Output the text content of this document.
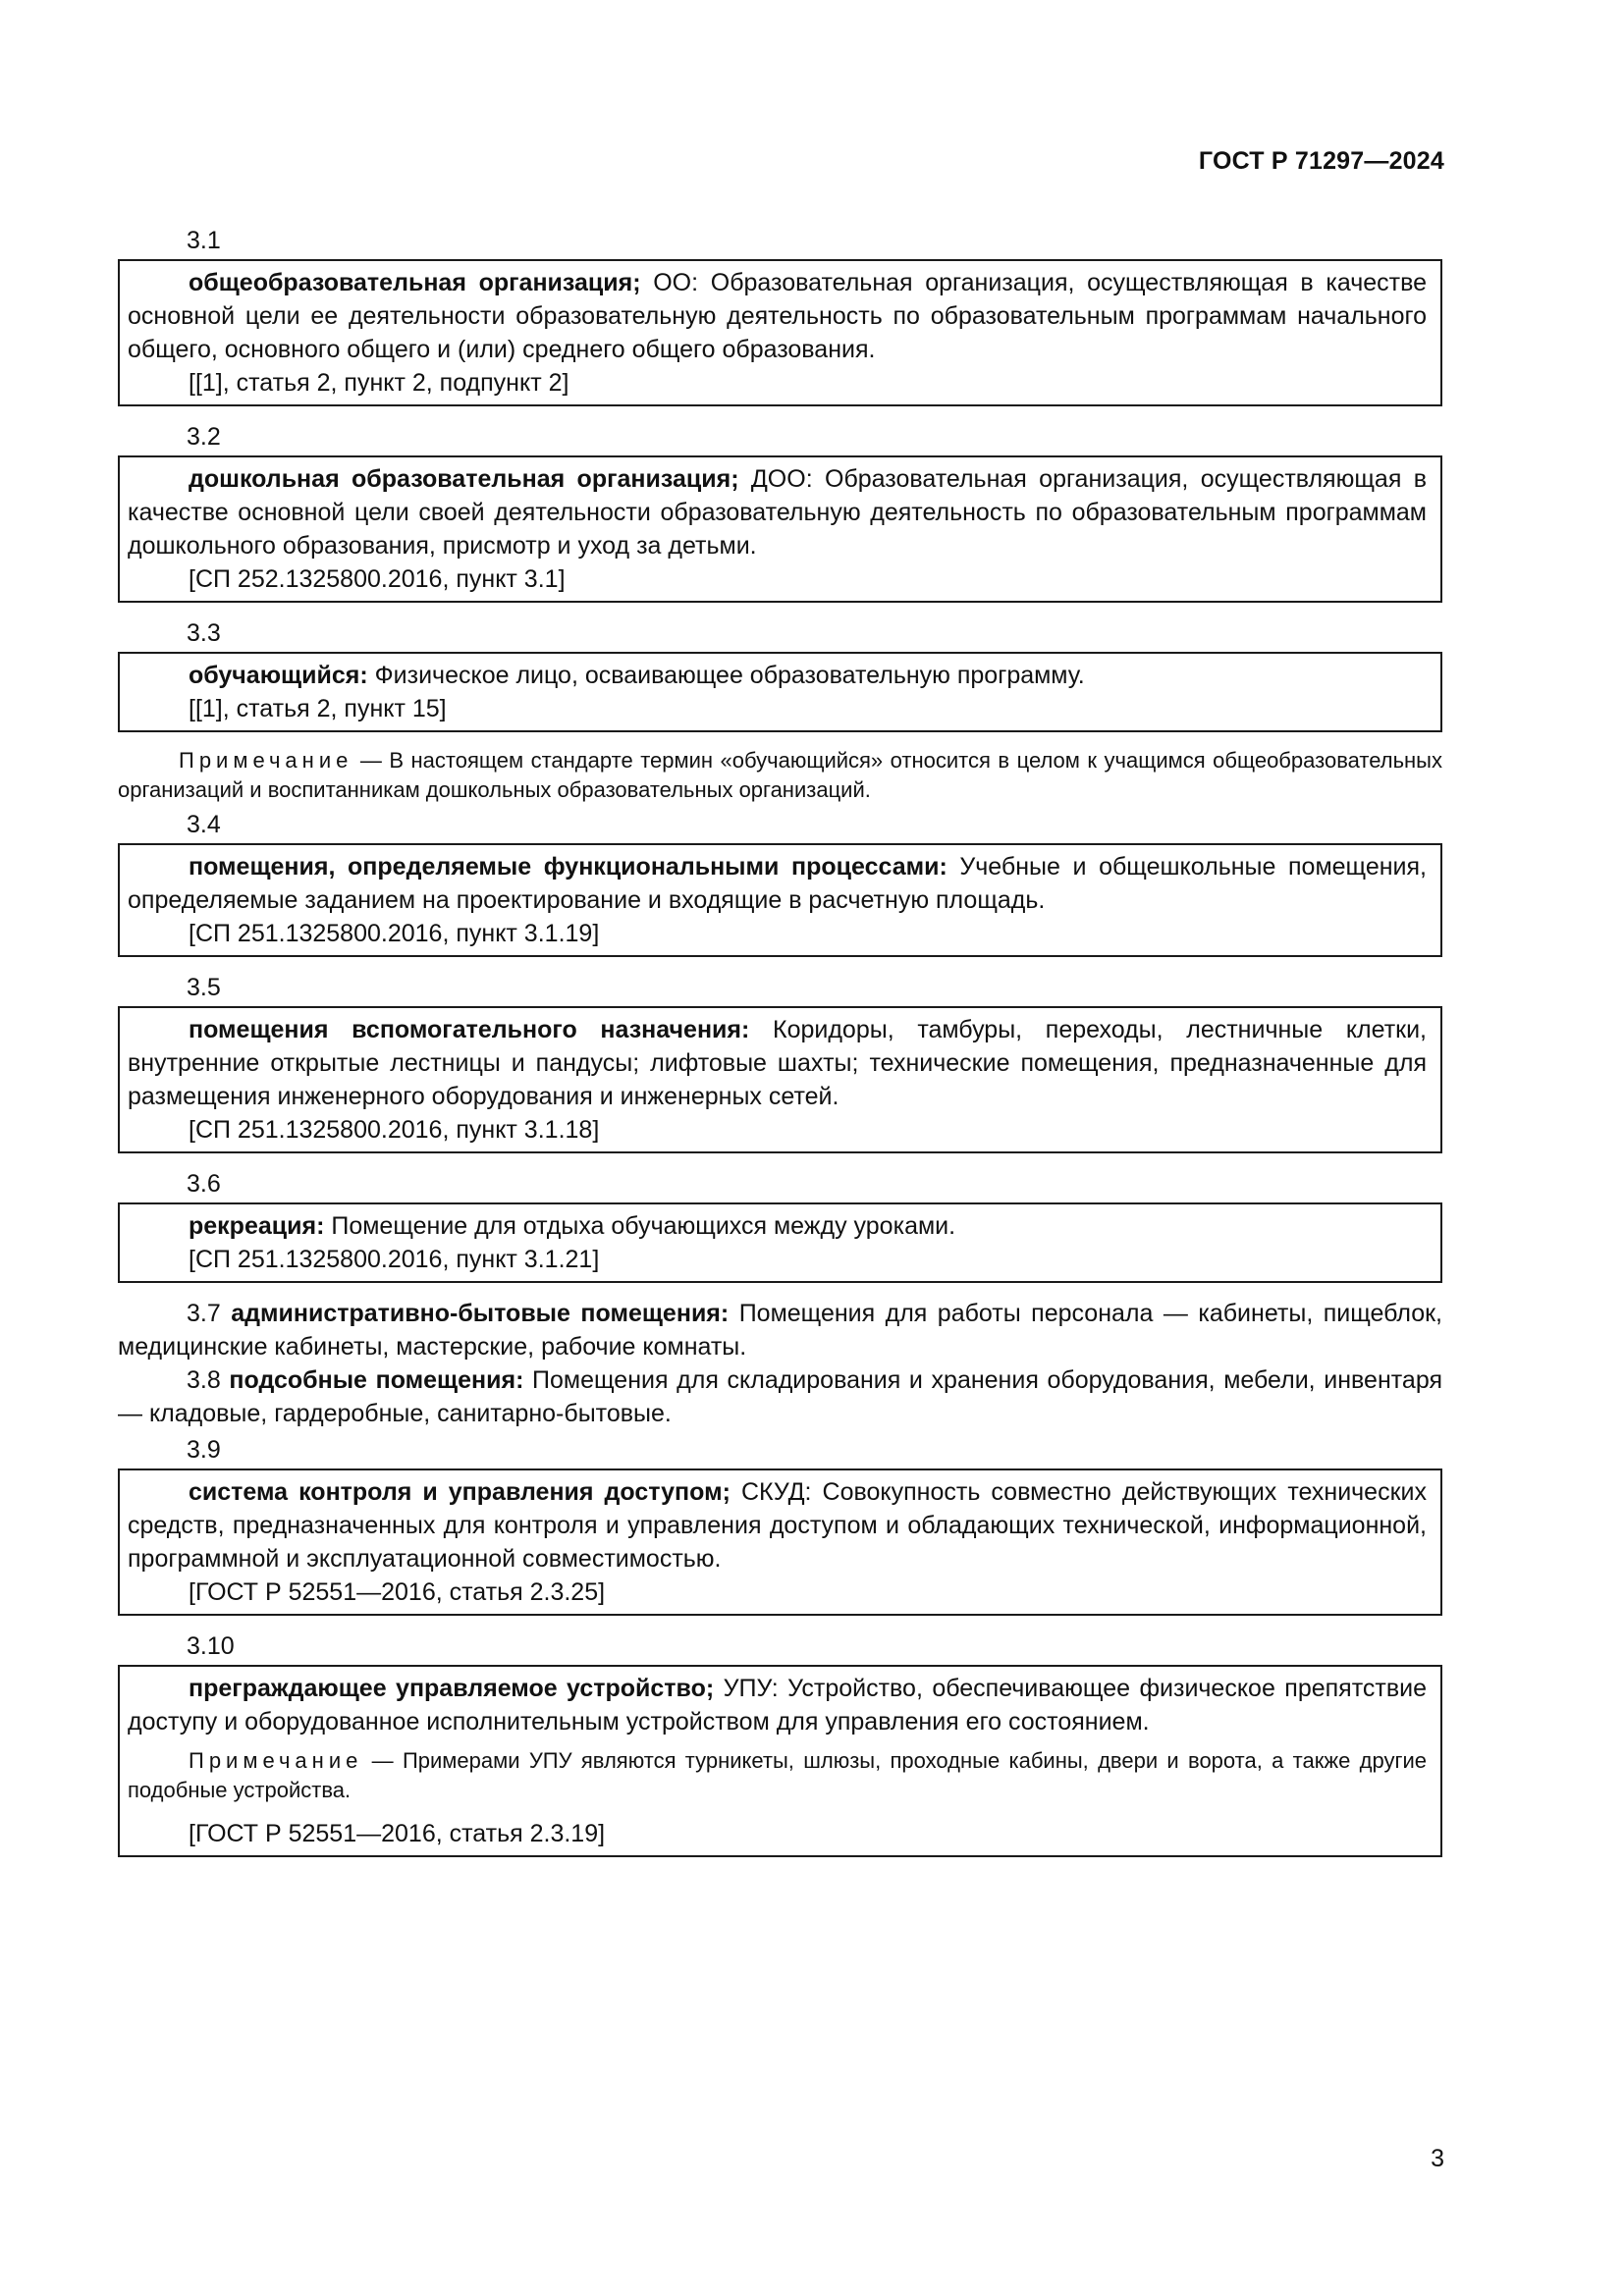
ГОСТ Р 71297—2024
3.1

общеобразовательная организация; ОО: Образовательная организация, осуществляющая в качестве основной цели ее деятельности образовательную деятельность по образовательным программам начального общего, основного общего и (или) среднего общего образования.

[[1], статья 2, пункт 2, подпункт 2]

3.2

дошкольная образовательная организация; ДОО: Образовательная организация, осуществляющая в качестве основной цели своей деятельности образовательную деятельность по образовательным программам дошкольного образования, присмотр и уход за детьми.

[СП 252.1325800.2016, пункт 3.1]

3.3

обучающийся: Физическое лицо, осваивающее образовательную программу.

[[1], статья 2, пункт 15]

Примечание — В настоящем стандарте термин «обучающийся» относится в целом к учащимся общеобразовательных организаций и воспитанникам дошкольных образовательных организаций.

3.4

помещения, определяемые функциональными процессами: Учебные и общешкольные помещения, определяемые заданием на проектирование и входящие в расчетную площадь.

[СП 251.1325800.2016, пункт 3.1.19]

3.5

помещения вспомогательного назначения: Коридоры, тамбуры, переходы, лестничные клетки, внутренние открытые лестницы и пандусы; лифтовые шахты; технические помещения, предназначенные для размещения инженерного оборудования и инженерных сетей.

[СП 251.1325800.2016, пункт 3.1.18]

3.6

рекреация: Помещение для отдыха обучающихся между уроками.

[СП 251.1325800.2016, пункт 3.1.21]

3.7 административно-бытовые помещения: Помещения для работы персонала — кабинеты, пищеблок, медицинские кабинеты, мастерские, рабочие комнаты.

3.8 подсобные помещения: Помещения для складирования и хранения оборудования, мебели, инвентаря — кладовые, гардеробные, санитарно-бытовые.

3.9

система контроля и управления доступом; СКУД: Совокупность совместно действующих технических средств, предназначенных для контроля и управления доступом и обладающих технической, информационной, программной и эксплуатационной совместимостью.

[ГОСТ Р 52551—2016, статья 2.3.25]

3.10

преграждающее управляемое устройство; УПУ: Устройство, обеспечивающее физическое препятствие доступу и оборудованное исполнительным устройством для управления его состоянием.

Примечание — Примерами УПУ являются турникеты, шлюзы, проходные кабины, двери и ворота, а также другие подобные устройства.

[ГОСТ Р 52551—2016, статья 2.3.19]

3
